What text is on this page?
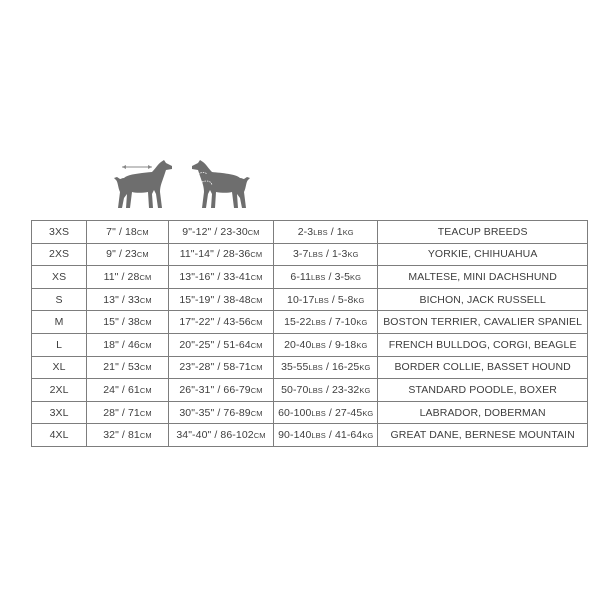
3XS	7" / 18CM	9"-12" / 23-30CM	2-3LBS / 1KG	TEACUP BREEDS
2XS	9" / 23CM	11"-14" / 28-36CM	3-7LBS / 1-3KG	YORKIE, CHIHUAHUA
XS	11" / 28CM	13"-16" / 33-41CM	6-11LBS / 3-5KG	MALTESE, MINI DACHSHUND
S	13" / 33CM	15"-19" / 38-48CM	10-17LBS / 5-8KG	BICHON, JACK RUSSELL
M	15" / 38CM	17"-22" / 43-56CM	15-22LBS / 7-10KG	BOSTON TERRIER, CAVALIER SPANIEL
L	18" / 46CM	20"-25" / 51-64CM	20-40LBS / 9-18KG	FRENCH BULLDOG, CORGI, BEAGLE
XL	21" / 53CM	23"-28" / 58-71CM	35-55LBS / 16-25KG	BORDER COLLIE, BASSET HOUND
2XL	24" / 61CM	26"-31" / 66-79CM	50-70LBS / 23-32KG	STANDARD POODLE, BOXER
3XL	28" / 71CM	30"-35" / 76-89CM	60-100LBS / 27-45KG	LABRADOR, DOBERMAN
4XL	32" / 81CM	34"-40" / 86-102CM	90-140LBS / 41-64KG	GREAT DANE, BERNESE MOUNTAIN
